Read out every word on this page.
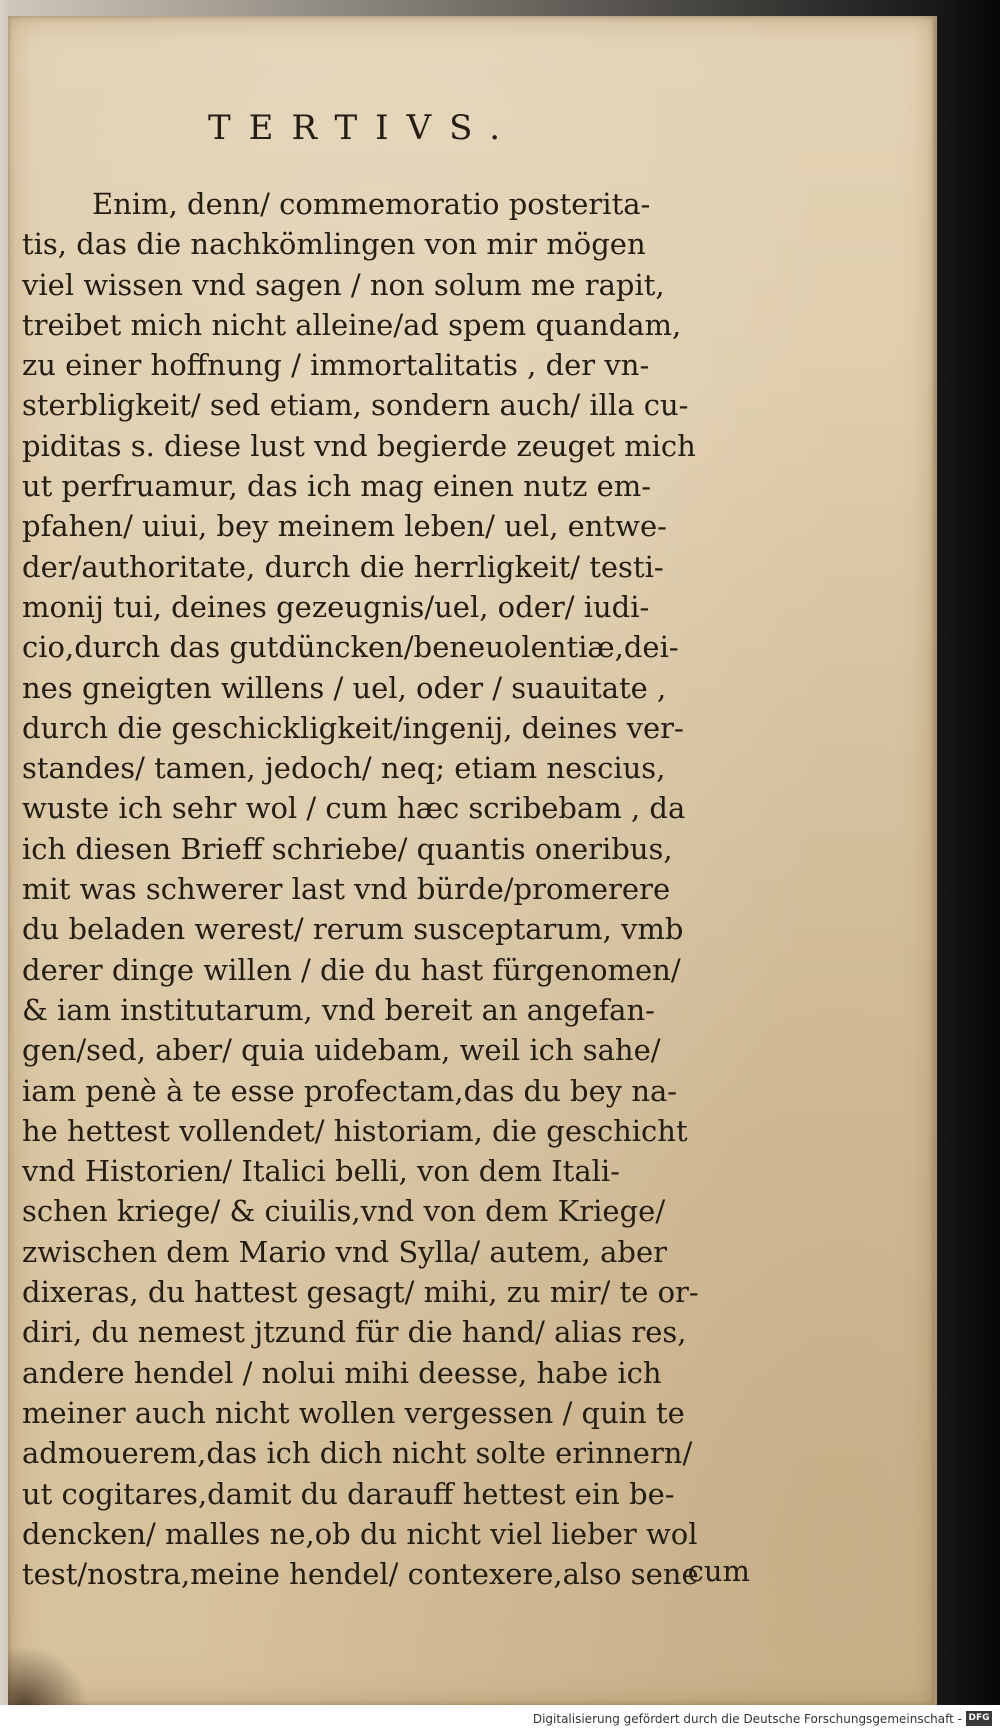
TERTIVS.
Enim, denn/ commemoratio posterita-
tis, das die nachkömlingen von mir mögen
viel wissen vnd sagen / non solum me rapit,
treibet mich nicht alleine/ad spem quandam,
zu einer hoffnung / immortalitatis , der vn-
sterbligkeit/ sed etiam, sondern auch/ illa cu-
piditas s. diese lust vnd begierde zeuget mich
ut perfruamur, das ich mag einen nutz em-
pfahen/ uiui, bey meinem leben/ uel, entwe-
der/authoritate, durch die herrligkeit/ testi-
monij tui, deines gezeugnis/uel, oder/ iudi-
cio,durch das gutdüncken/beneuolentiæ,dei-
nes gneigten willens / uel, oder / suauitate ,
durch die geschickligkeit/ingenij, deines ver-
standes/ tamen, jedoch/ neq; etiam nescius,
wuste ich sehr wol / cum hæc scribebam , da
ich diesen Brieff schriebe/ quantis oneribus,
mit was schwerer last vnd bürde/promerere
du beladen werest/ rerum susceptarum, vmb
derer dinge willen / die du hast fürgenomen/
& iam institutarum, vnd bereit an angefan-
gen/sed, aber/ quia uidebam, weil ich sahe/
iam penè à te esse profectam,das du bey na-
he hettest vollendet/ historiam, die geschicht
vnd Historien/ Italici belli, von dem Itali-
schen kriege/ & ciuilis,vnd von dem Kriege/
zwischen dem Mario vnd Sylla/ autem, aber
dixeras, du hattest gesagt/ mihi, zu mir/ te or-
diri, du nemest jtzund für die hand/ alias res,
andere hendel / nolui mihi deesse, habe ich
meiner auch nicht wollen vergessen / quin te
admouerem,das ich dich nicht solte erinnern/
ut cogitares,damit du darauff hettest ein be-
dencken/ malles ne,ob du nicht viel lieber wol
test/nostra,meine hendel/ contexere,also sene
cum
Digitalisierung gefördert durch die Deutsche Forschungsgemeinschaft - DFG
